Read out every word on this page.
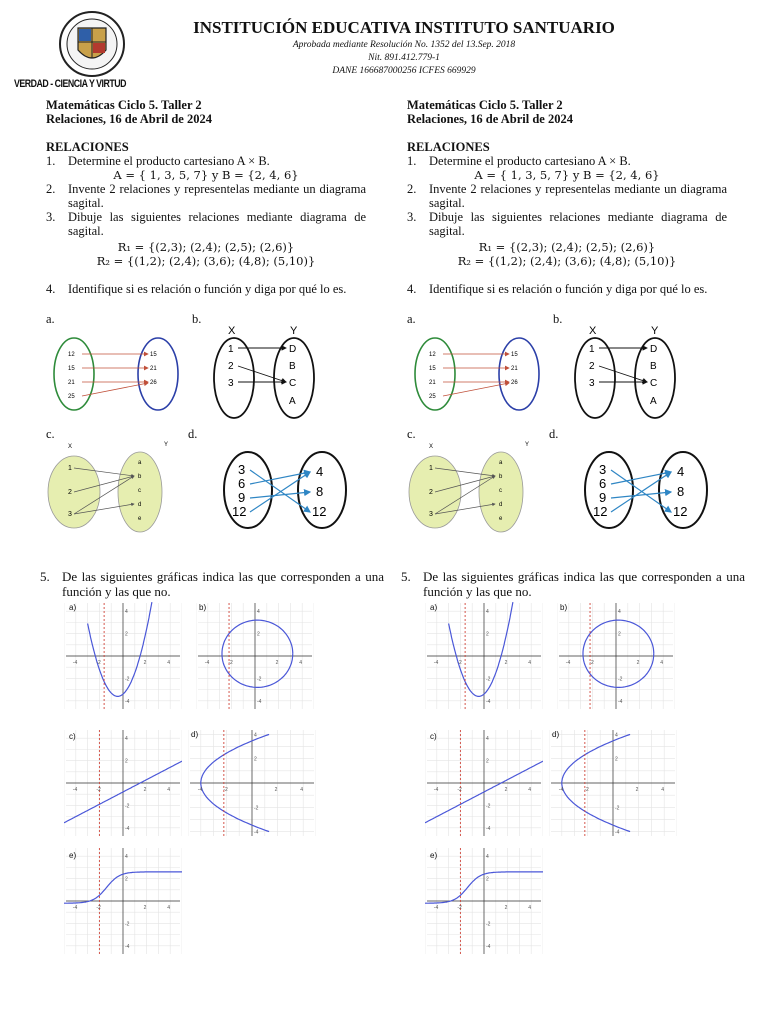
VERDAD - CIENCIA Y VIRTUD
INSTITUCIÓN EDUCATIVA INSTITUTO SANTUARIO
Aprobada mediante Resolución No. 1352 del 13.Sep. 2018
Nit. 891.412.779-1
DANE 166687000256 ICFES 669929
Matemáticas Ciclo 5. Taller 2
Relaciones, 16 de Abril de 2024
RELACIONES
1. Determine el producto cartesiano A × B.
A = { 1, 3, 5, 7} y B = {2, 4, 6}
2. Invente 2 relaciones y representelas mediante un diagrama sagital.
3. Dibuje las siguientes relaciones mediante diagrama de sagital.
R₁ = {(2,3); (2,4); (2,5); (2,6)}
R₂ = {(1,2); (2,4); (3,6); (4,8); (5,10)}
4. Identifique si es relación o función y diga por qué lo es.
a.	b.
c.	d.
12
15
21
25
15
21
26
X	Y
1
2
3
D
B
C
A
X	Y
1
2
3
a
b
c
d
e
3
6
9
12
4
8
12
5. De las siguientes gráficas indica las que corresponden a una función y las que no.
-4	-2	2	4
-4
-2
2
4
-4	-2	2	4
-4
-2
2
4
-4	-2	2	4
-4
-2
2
4
-4	-2	2	4
-4
-2
2
4
-4	-2	2	4
-4
-2
2
4
a)	b)
c)	d)
e)
Matemáticas Ciclo 5. Taller 2
Relaciones, 16 de Abril de 2024
RELACIONES
1. Determine el producto cartesiano A × B.
A = { 1, 3, 5, 7} y B = {2, 4, 6}
2. Invente 2 relaciones y representelas mediante un diagrama sagital.
3. Dibuje las siguientes relaciones mediante diagrama de sagital.
R₁ = {(2,3); (2,4); (2,5); (2,6)}
R₂ = {(1,2); (2,4); (3,6); (4,8); (5,10)}
4. Identifique si es relación o función y diga por qué lo es.
a.	b.
c.	d.
12
15
21
25
15
21
26
X	Y
1
2
3
D
B
C
A
X	Y
1
2
3
a
b
c
d
e
3
6
9
12
4
8
12
5. De las siguientes gráficas indica las que corresponden a una función y las que no.
-4	-2	2	4
-4
-2
2
4
-4	-2	2	4
-4
-2
2
4
-4	-2	2	4
-4
-2
2
4
-4	-2	2	4
-4
-2
2
4
-4	-2	2	4
-4
-2
2
4
a)	b)
c)	d)
e)
